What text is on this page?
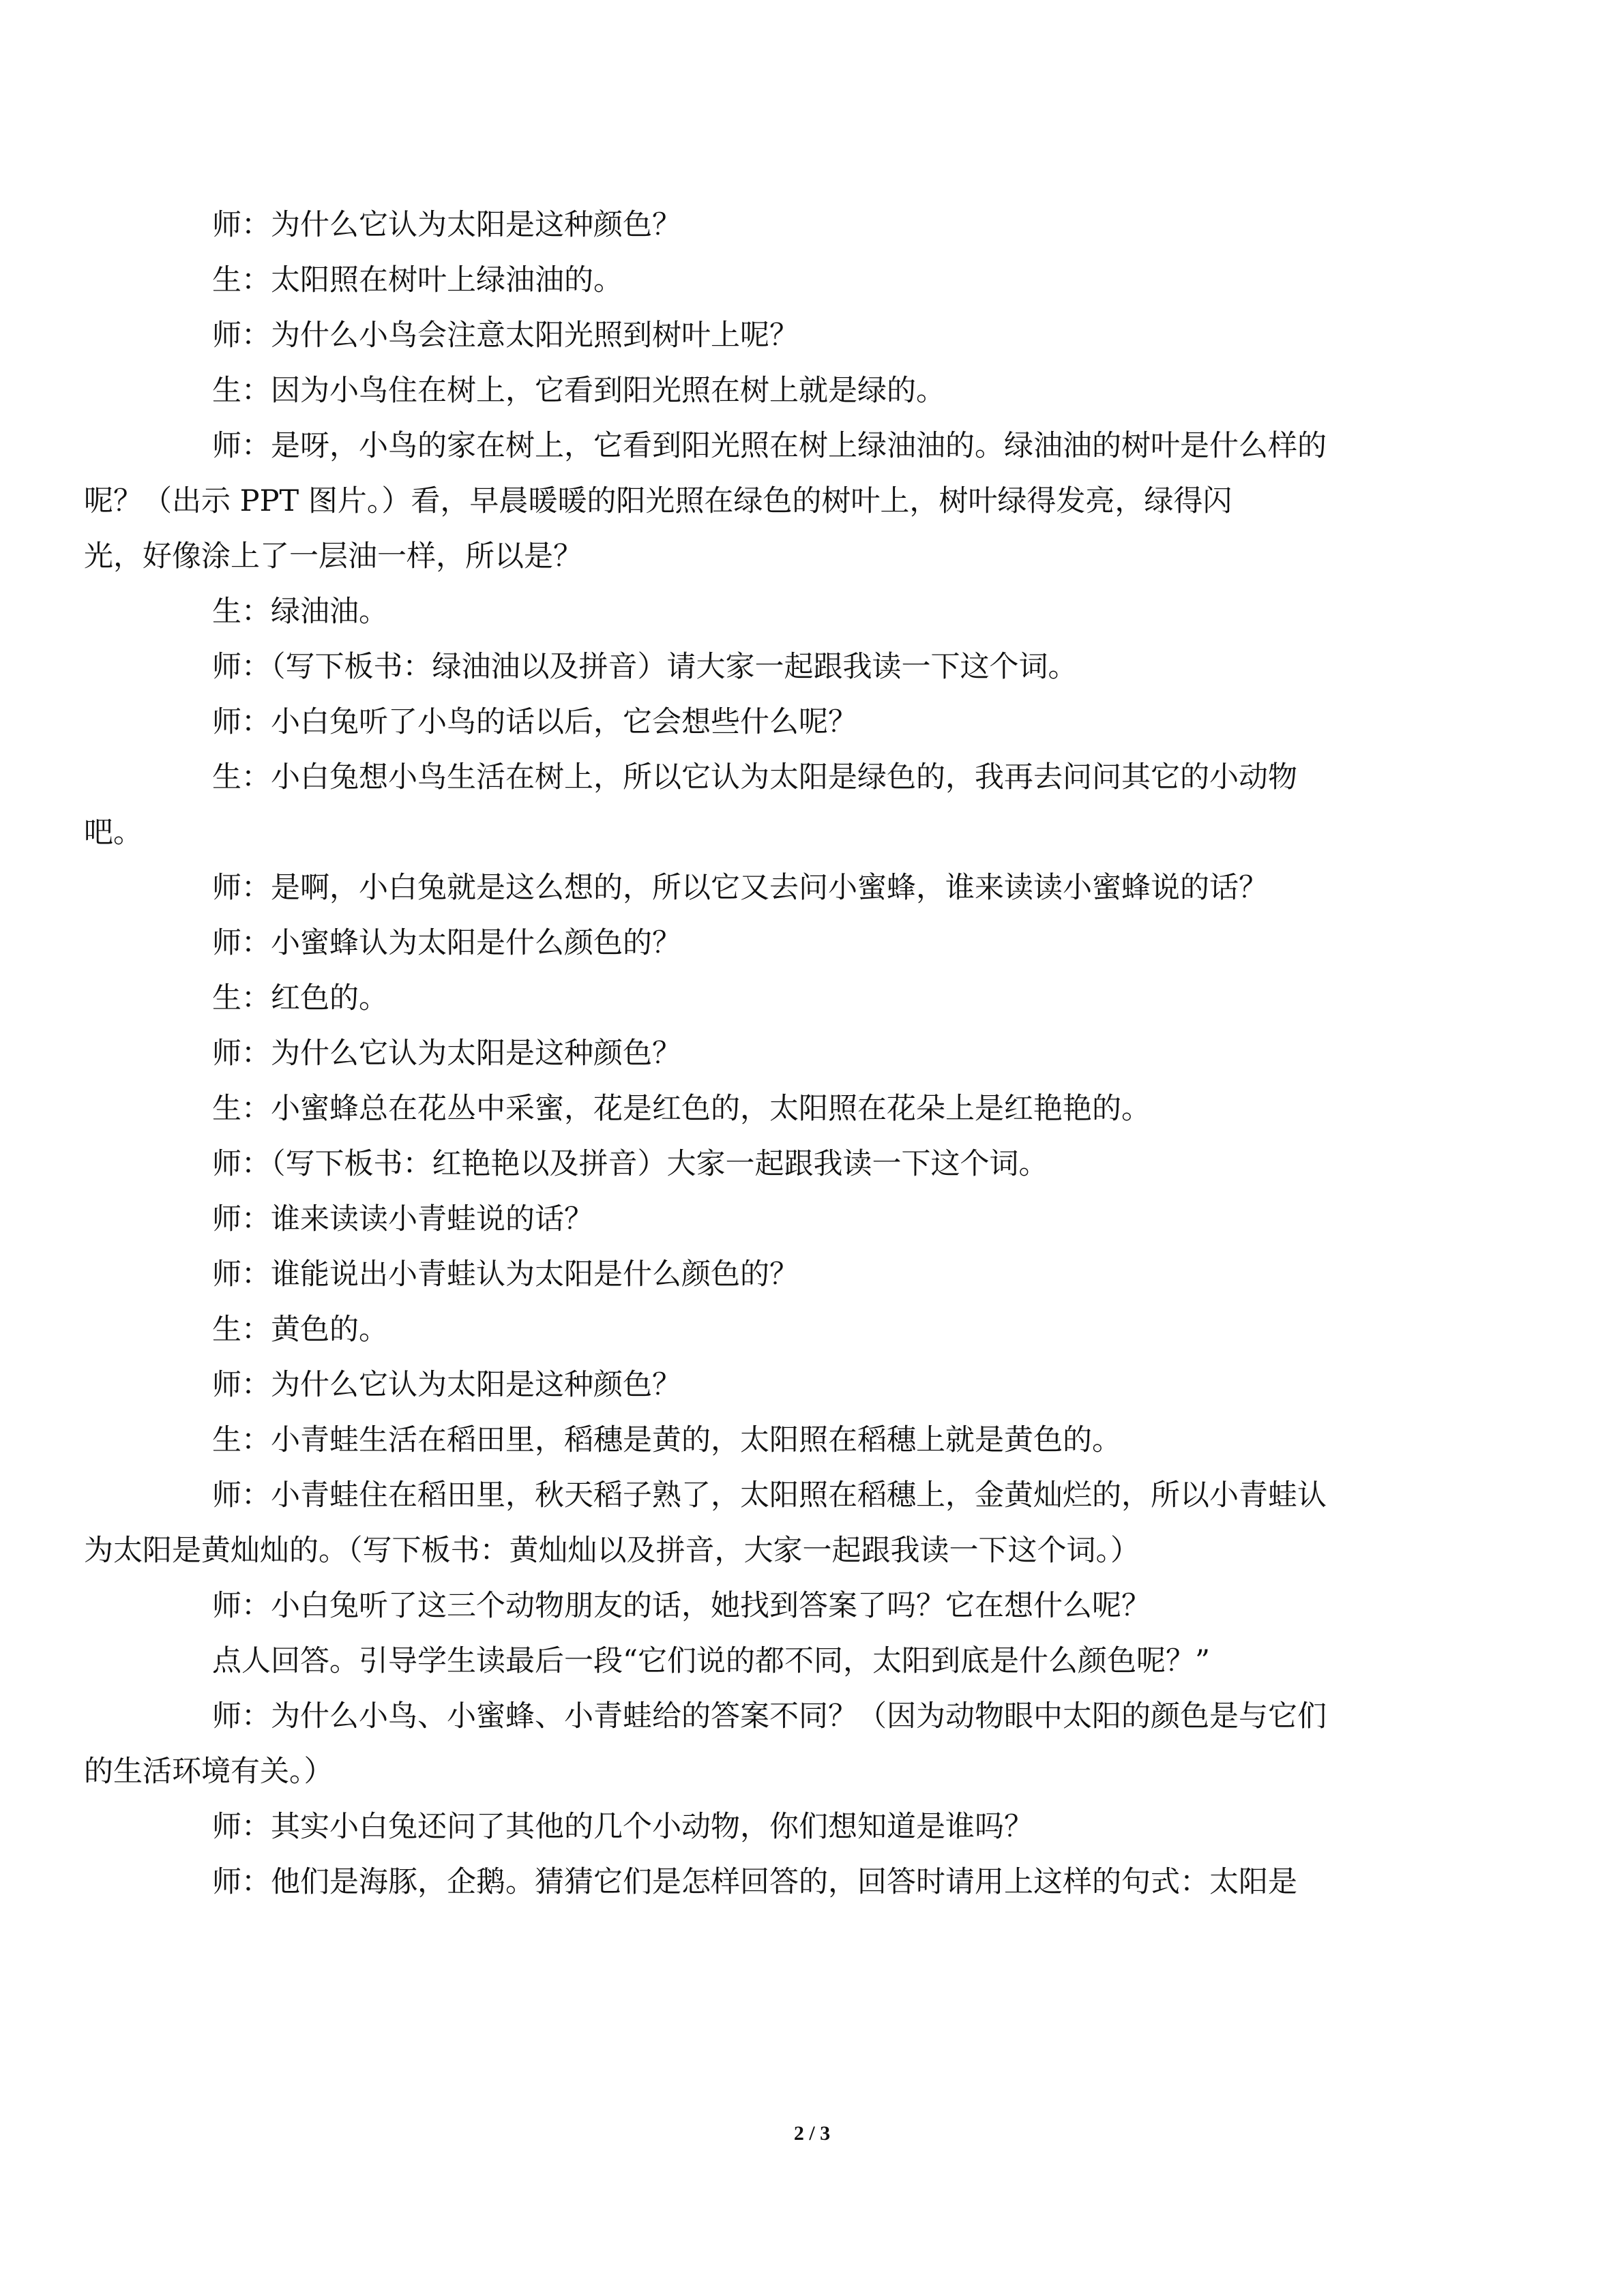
师：为什么它认为太阳是这种颜色？

生：太阳照在树叶上绿油油的。

师：为什么小鸟会注意太阳光照到树叶上呢？

生：因为小鸟住在树上，它看到阳光照在树上就是绿的。

师：是呀，小鸟的家在树上，它看到阳光照在树上绿油油的。绿油油的树叶是什么样的
呢？（出示 PPT 图片。）看，早晨暖暖的阳光照在绿色的树叶上，树叶绿得发亮，绿得闪
光，好像涂上了一层油一样，所以是？

生：绿油油。

师：（写下板书：绿油油以及拼音）请大家一起跟我读一下这个词。

师：小白兔听了小鸟的话以后，它会想些什么呢？

生：小白兔想小鸟生活在树上，所以它认为太阳是绿色的，我再去问问其它的小动物
吧。

师：是啊，小白兔就是这么想的，所以它又去问小蜜蜂，谁来读读小蜜蜂说的话？

师：小蜜蜂认为太阳是什么颜色的？

生：红色的。

师：为什么它认为太阳是这种颜色？

生：小蜜蜂总在花丛中采蜜，花是红色的，太阳照在花朵上是红艳艳的。

师：（写下板书：红艳艳以及拼音）大家一起跟我读一下这个词。

师：谁来读读小青蛙说的话？

师：谁能说出小青蛙认为太阳是什么颜色的？

生：黄色的。

师：为什么它认为太阳是这种颜色？

生：小青蛙生活在稻田里，稻穗是黄的，太阳照在稻穗上就是黄色的。

师：小青蛙住在稻田里，秋天稻子熟了，太阳照在稻穗上，金黄灿烂的，所以小青蛙认
为太阳是黄灿灿的。（写下板书：黄灿灿以及拼音，大家一起跟我读一下这个词。）

师：小白兔听了这三个动物朋友的话，她找到答案了吗？它在想什么呢？

点人回答。引导学生读最后一段“它们说的都不同，太阳到底是什么颜色呢？”

师：为什么小鸟、小蜜蜂、小青蛙给的答案不同？（因为动物眼中太阳的颜色是与它们
的生活环境有关。）

师：其实小白兔还问了其他的几个小动物，你们想知道是谁吗？

师：他们是海豚，企鹅。猜猜它们是怎样回答的，回答时请用上这样的句式：太阳是

2 / 3
